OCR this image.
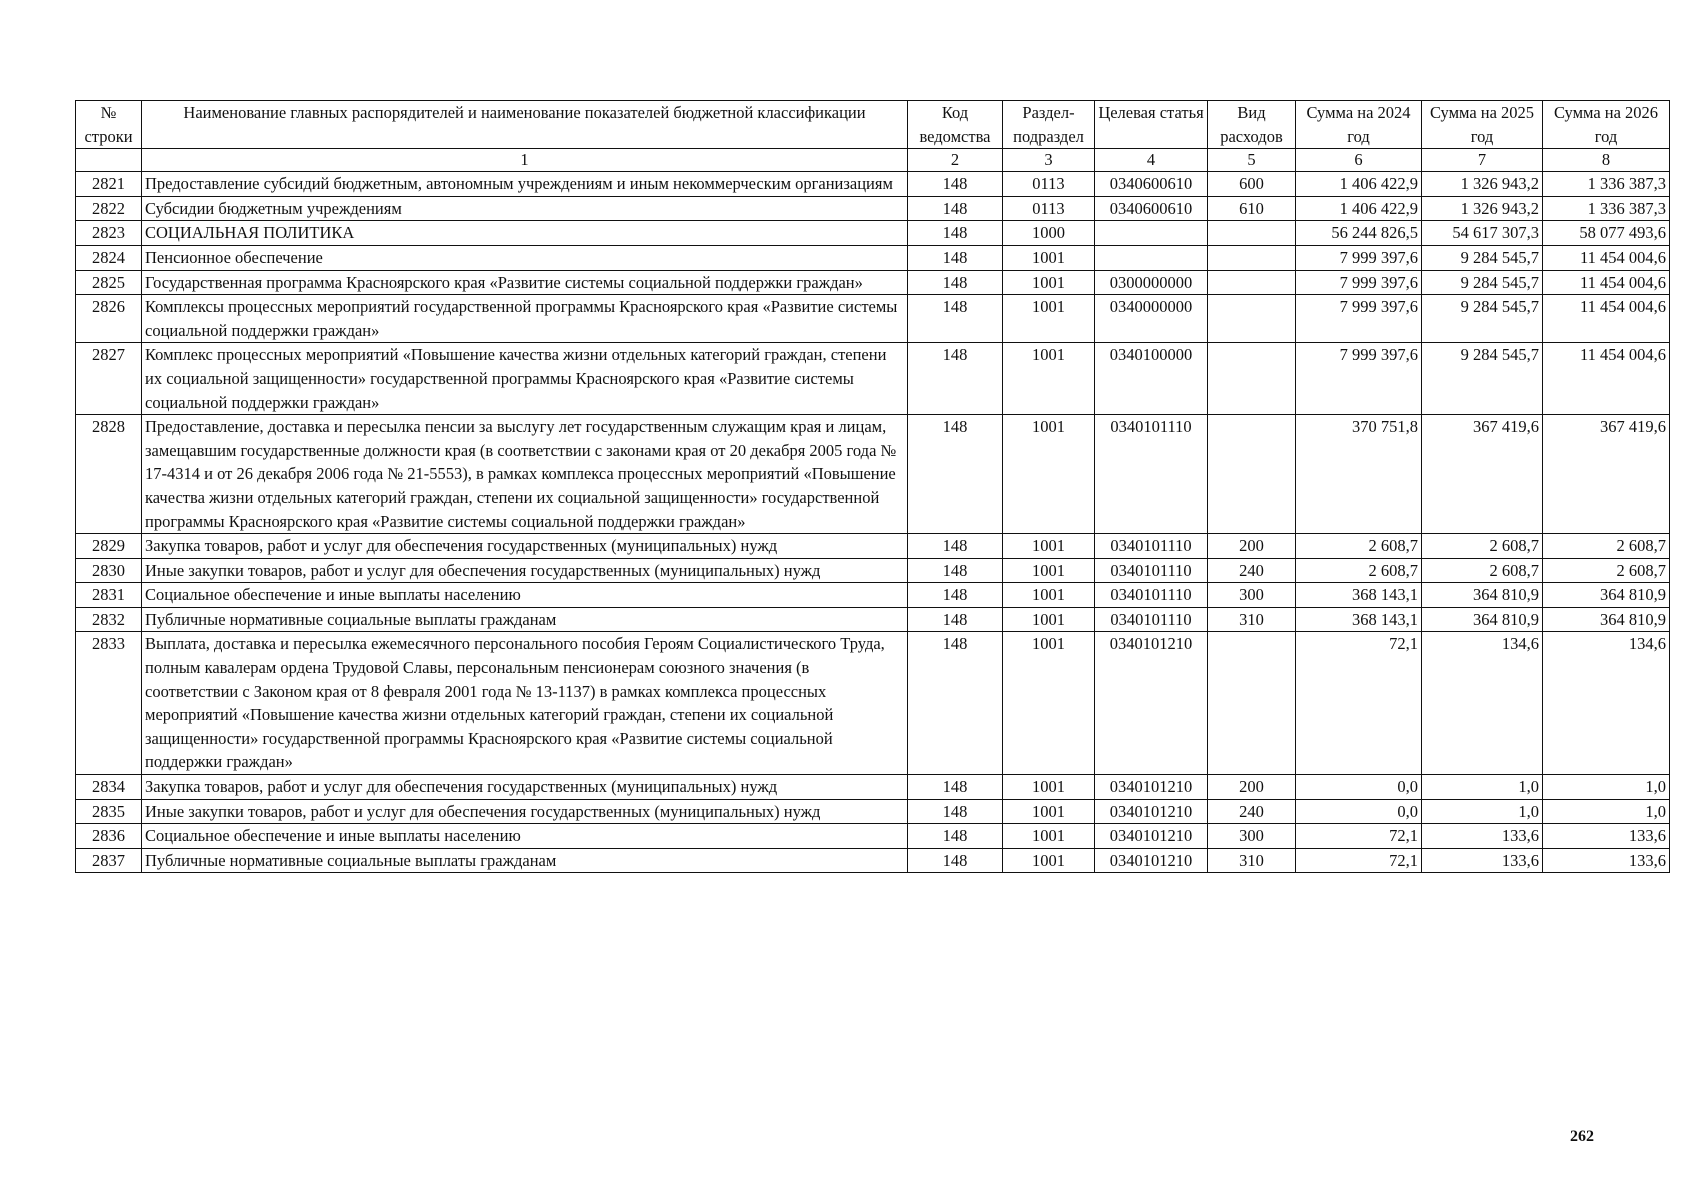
№ строки	Наименование главных распорядителей и наименование показателей бюджетной классификации	Код ведомства	Раздел-подраздел	Целевая статья	Вид расходов	Сумма на 2024 год	Сумма на 2025 год	Сумма на 2026 год
	1	2	3	4	5	6	7	8
2821	Предоставление субсидий бюджетным, автономным учреждениям и иным некоммерческим организациям	148	0113	0340600610	600	1 406 422,9	1 326 943,2	1 336 387,3
2822	Субсидии бюджетным учреждениям	148	0113	0340600610	610	1 406 422,9	1 326 943,2	1 336 387,3
2823	СОЦИАЛЬНАЯ ПОЛИТИКА	148	1000			56 244 826,5	54 617 307,3	58 077 493,6
2824	Пенсионное обеспечение	148	1001			7 999 397,6	9 284 545,7	11 454 004,6
2825	Государственная программа Красноярского края «Развитие системы социальной поддержки граждан»	148	1001	0300000000		7 999 397,6	9 284 545,7	11 454 004,6
2826	Комплексы процессных мероприятий государственной программы Красноярского края «Развитие системы социальной поддержки граждан»	148	1001	0340000000		7 999 397,6	9 284 545,7	11 454 004,6
2827	Комплекс процессных мероприятий «Повышение качества жизни отдельных категорий граждан, степени их социальной защищенности» государственной программы Красноярского края «Развитие системы социальной поддержки граждан»	148	1001	0340100000		7 999 397,6	9 284 545,7	11 454 004,6
2828	Предоставление, доставка и пересылка пенсии за выслугу лет государственным служащим края и лицам, замещавшим государственные должности края (в соответствии с законами края от 20 декабря 2005 года № 17-4314 и от 26 декабря 2006 года № 21-5553), в рамках комплекса процессных мероприятий «Повышение качества жизни отдельных категорий граждан, степени их социальной защищенности» государственной программы Красноярского края «Развитие системы социальной поддержки граждан»	148	1001	0340101110		370 751,8	367 419,6	367 419,6
2829	Закупка товаров, работ и услуг для обеспечения государственных (муниципальных) нужд	148	1001	0340101110	200	2 608,7	2 608,7	2 608,7
2830	Иные закупки товаров, работ и услуг для обеспечения государственных (муниципальных) нужд	148	1001	0340101110	240	2 608,7	2 608,7	2 608,7
2831	Социальное обеспечение и иные выплаты населению	148	1001	0340101110	300	368 143,1	364 810,9	364 810,9
2832	Публичные нормативные социальные выплаты гражданам	148	1001	0340101110	310	368 143,1	364 810,9	364 810,9
2833	Выплата, доставка и пересылка ежемесячного персонального пособия Героям Социалистического Труда, полным кавалерам ордена Трудовой Славы, персональным пенсионерам союзного значения (в соответствии с Законом края от 8 февраля 2001 года № 13-1137) в рамках комплекса процессных мероприятий «Повышение качества жизни отдельных категорий граждан, степени их социальной защищенности» государственной программы Красноярского края «Развитие системы социальной поддержки граждан»	148	1001	0340101210		72,1	134,6	134,6
2834	Закупка товаров, работ и услуг для обеспечения государственных (муниципальных) нужд	148	1001	0340101210	200	0,0	1,0	1,0
2835	Иные закупки товаров, работ и услуг для обеспечения государственных (муниципальных) нужд	148	1001	0340101210	240	0,0	1,0	1,0
2836	Социальное обеспечение и иные выплаты населению	148	1001	0340101210	300	72,1	133,6	133,6
2837	Публичные нормативные социальные выплаты гражданам	148	1001	0340101210	310	72,1	133,6	133,6
262
